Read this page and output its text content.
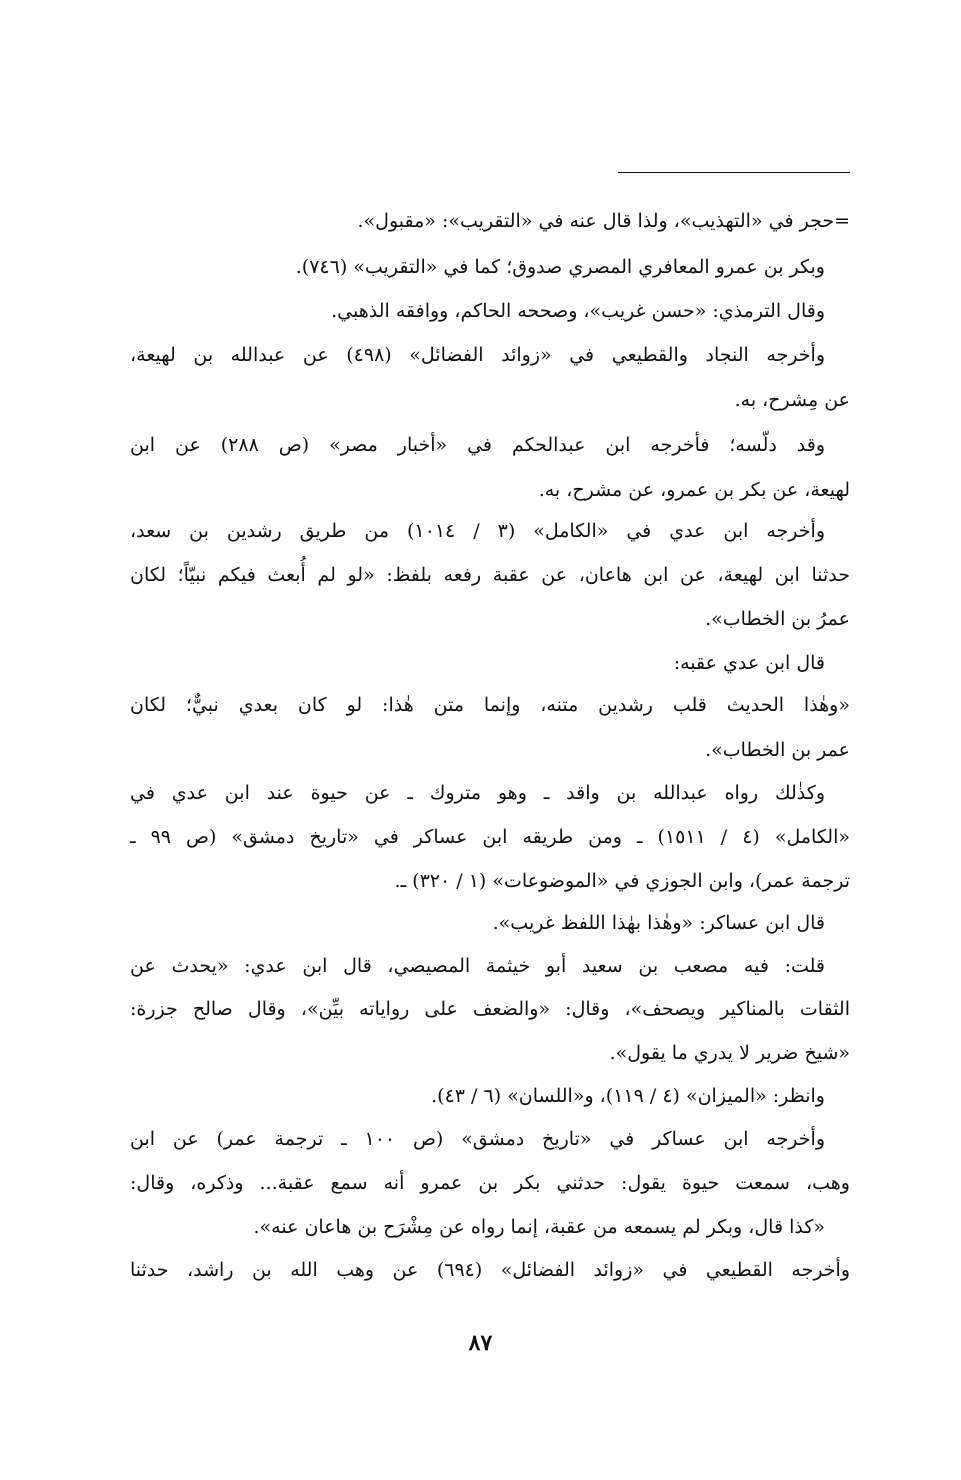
=حجر في «التهذيب»، ولذا قال عنه في «التقريب»: «مقبول».
وبكر بن عمرو المعافري المصري صدوق؛ كما في «التقريب» (٧٤٦).
وقال الترمذي: «حسن غريب»، وصححه الحاكم، ووافقه الذهبي.
وأخرجه النجاد والقطيعي في «زوائد الفضائل» (٤٩٨) عن عبدالله بن لهيعة،
عن مِشرح، به.
وقد دلّسه؛ فأخرجه ابن عبدالحكم في «أخبار مصر» (ص ٢٨٨) عن ابن
لهيعة، عن بكر بن عمرو، عن مشرح، به.
وأخرجه ابن عدي في «الكامل» (٣ / ١٠١٤) من طريق رشدين بن سعد،
حدثنا ابن لهيعة، عن ابن هاعان، عن عقبة رفعه بلفظ: «لو لم أُبعث فيكم نبيّاً؛ لكان
عمرُ بن الخطاب».
قال ابن عدي عقبه:
«وهٰذا الحديث قلب رشدين متنه، وإنما متن هٰذا: لو كان بعدي نبيٌّ؛ لكان
عمر بن الخطاب».
وكذٰلك رواه عبدالله بن واقد ـ وهو متروك ـ عن حيوة عند ابن عدي في
«الكامل» (٤ / ١٥١١) ـ ومن طريقه ابن عساكر في «تاريخ دمشق» (ص ٩٩ ـ
ترجمة عمر)، وابن الجوزي في «الموضوعات» (١ / ٣٢٠) ـ.
قال ابن عساكر: «وهٰذا بهٰذا اللفظ غريب».
قلت: فيه مصعب بن سعيد أبو خيثمة المصيصي، قال ابن عدي: «يحدث عن
الثقات بالمناكير ويصحف»، وقال: «والضعف على رواياته بيِّن»، وقال صالح جزرة:
«شيخ ضرير لا يدري ما يقول».
وانظر: «الميزان» (٤ / ١١٩)، و«اللسان» (٦ / ٤٣).
وأخرجه ابن عساكر في «تاريخ دمشق» (ص ١٠٠ ـ ترجمة عمر) عن ابن
وهب، سمعت حيوة يقول: حدثني بكر بن عمرو أنه سمع عقبة... وذكره، وقال:
«كذا قال، وبكر لم يسمعه من عقبة، إنما رواه عن مِشْرَح بن هاعان عنه».
وأخرجه القطيعي في «زوائد الفضائل» (٦٩٤) عن وهب الله بن راشد، حدثنا
٨٧
